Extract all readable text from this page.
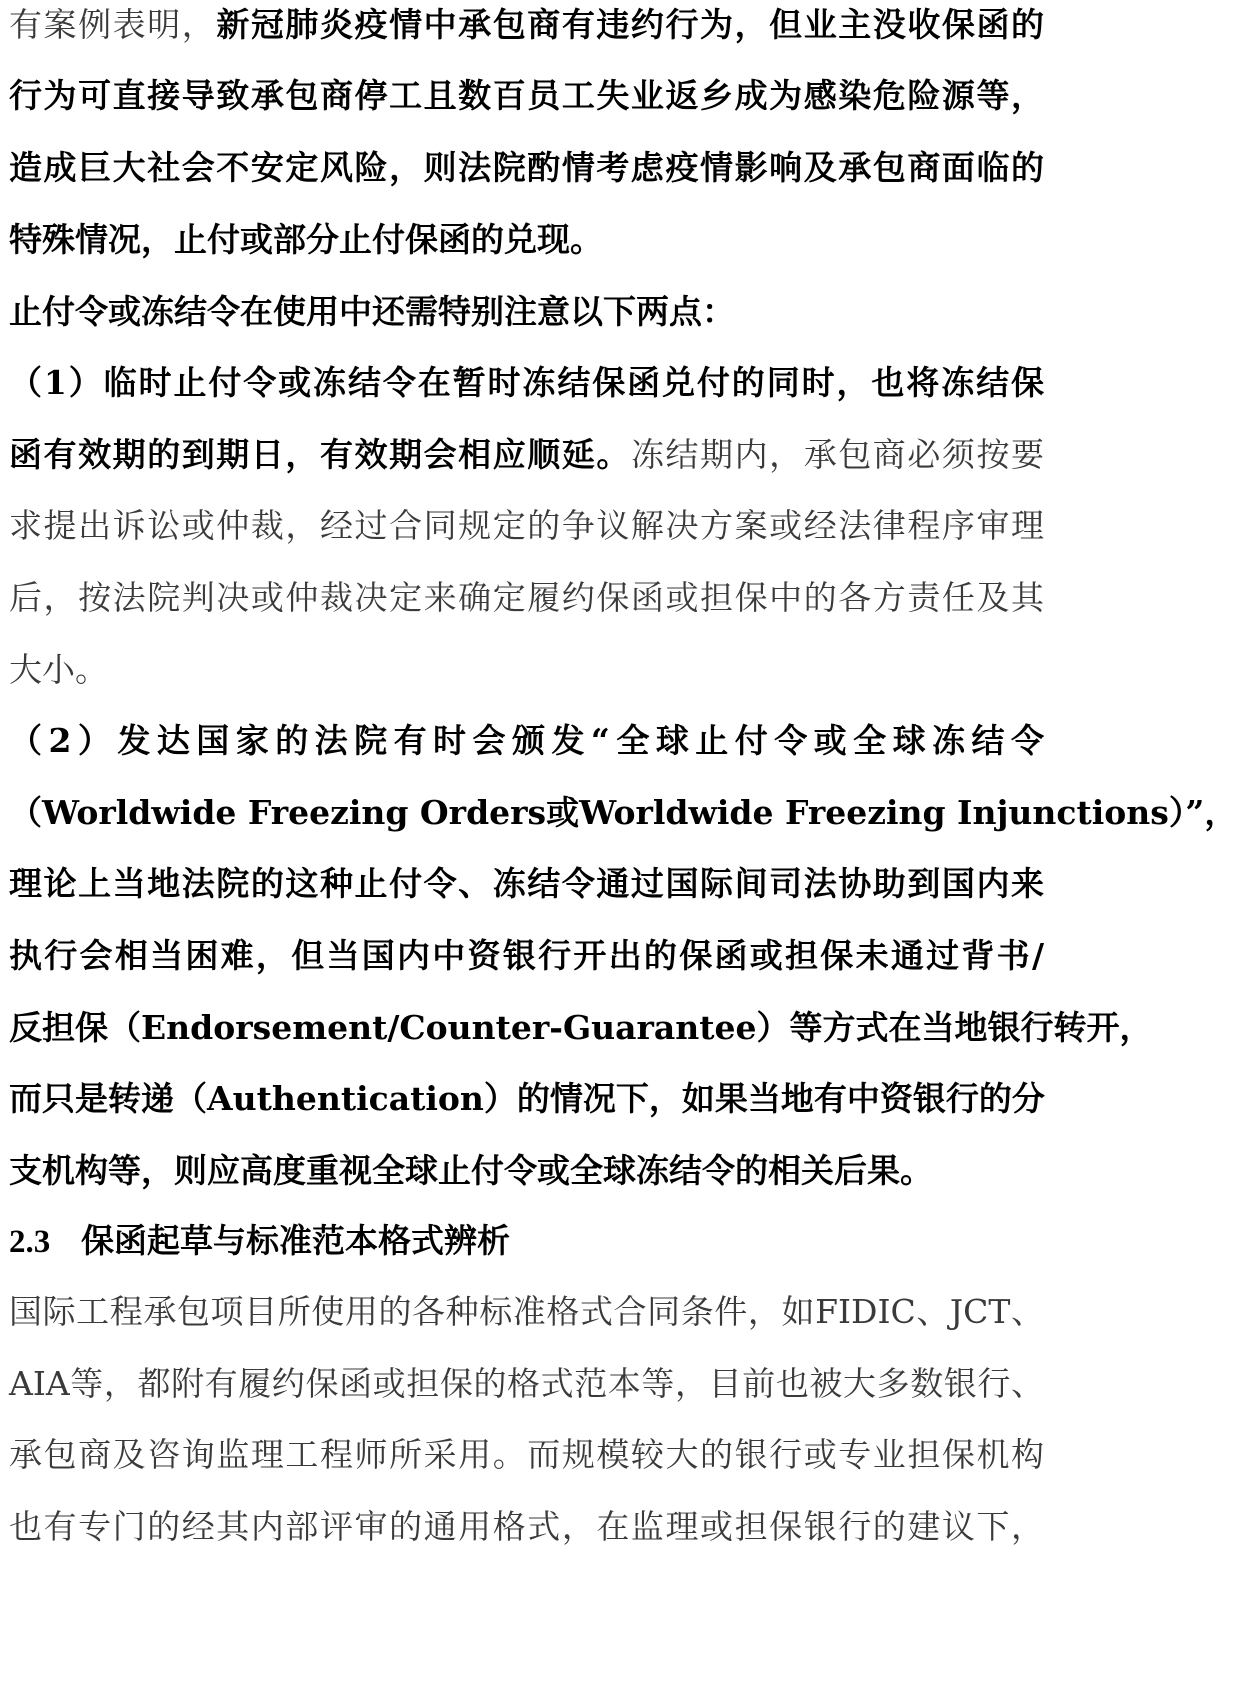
有案例表明，新冠肺炎疫情中承包商有违约行为，但业主没收保函的
行为可直接导致承包商停工且数百员工失业返乡成为感染危险源等，
造成巨大社会不安定风险，则法院酌情考虑疫情影响及承包商面临的
特殊情况，止付或部分止付保函的兑现。
止付令或冻结令在使用中还需特别注意以下两点：
（1）临时止付令或冻结令在暂时冻结保函兑付的同时，也将冻结保
函有效期的到期日，有效期会相应顺延。冻结期内，承包商必须按要
求提出诉讼或仲裁，经过合同规定的争议解决方案或经法律程序审理
后，按法院判决或仲裁决定来确定履约保函或担保中的各方责任及其
大小。
（2）发达国家的法院有时会颁发“全球止付令或全球冻结令
（Worldwide Freezing Orders或Worldwide Freezing Injunctions）”，
理论上当地法院的这种止付令、冻结令通过国际间司法协助到国内来
执行会相当困难，但当国内中资银行开出的保函或担保未通过背书/
反担保（Endorsement/Counter-Guarantee）等方式在当地银行转开，
而只是转递（Authentication）的情况下，如果当地有中资银行的分
支机构等，则应高度重视全球止付令或全球冻结令的相关后果。
国际工程承包项目所使用的各种标准格式合同条件，如FIDIC、JCT、
AIA等，都附有履约保函或担保的格式范本等，目前也被大多数银行、
承包商及咨询监理工程师所采用。而规模较大的银行或专业担保机构
也有专门的经其内部评审的通用格式，在监理或担保银行的建议下，
2.3 保函起草与标准范本格式辨析
